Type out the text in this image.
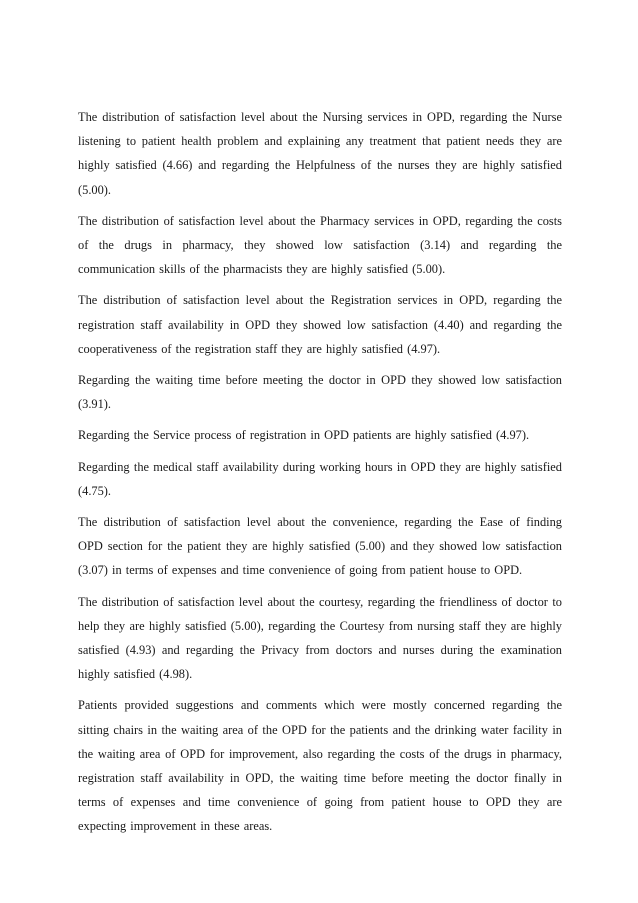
The distribution of satisfaction level about the Nursing services in OPD, regarding the Nurse listening to patient health problem and explaining any treatment that patient needs they are highly satisfied (4.66) and regarding the Helpfulness of the nurses they are highly satisfied (5.00).

The distribution of satisfaction level about the Pharmacy services in OPD, regarding the costs of the drugs in pharmacy, they showed low satisfaction (3.14) and regarding the communication skills of the pharmacists they are highly satisfied (5.00).

The distribution of satisfaction level about the Registration services in OPD, regarding the registration staff availability in OPD they showed low satisfaction (4.40) and regarding the cooperativeness of the registration staff they are highly satisfied (4.97).

Regarding the waiting time before meeting the doctor in OPD they showed low satisfaction (3.91).

Regarding the Service process of registration in OPD patients are highly satisfied (4.97).

Regarding the medical staff availability during working hours in OPD they are highly satisfied (4.75).

The distribution of satisfaction level about the convenience, regarding the Ease of finding OPD section for the patient they are highly satisfied (5.00) and they showed low satisfaction (3.07) in terms of expenses and time convenience of going from patient house to OPD.

The distribution of satisfaction level about the courtesy, regarding the friendliness of doctor to help they are highly satisfied (5.00), regarding the Courtesy from nursing staff they are highly satisfied (4.93) and regarding the Privacy from doctors and nurses during the examination highly satisfied (4.98).

Patients provided suggestions and comments which were mostly concerned regarding the sitting chairs in the waiting area of the OPD for the patients and the drinking water facility in the waiting area of OPD for improvement, also regarding the costs of the drugs in pharmacy, registration staff availability in OPD, the waiting time before meeting the doctor finally in terms of expenses and time convenience of going from patient house to OPD they are expecting improvement in these areas.
